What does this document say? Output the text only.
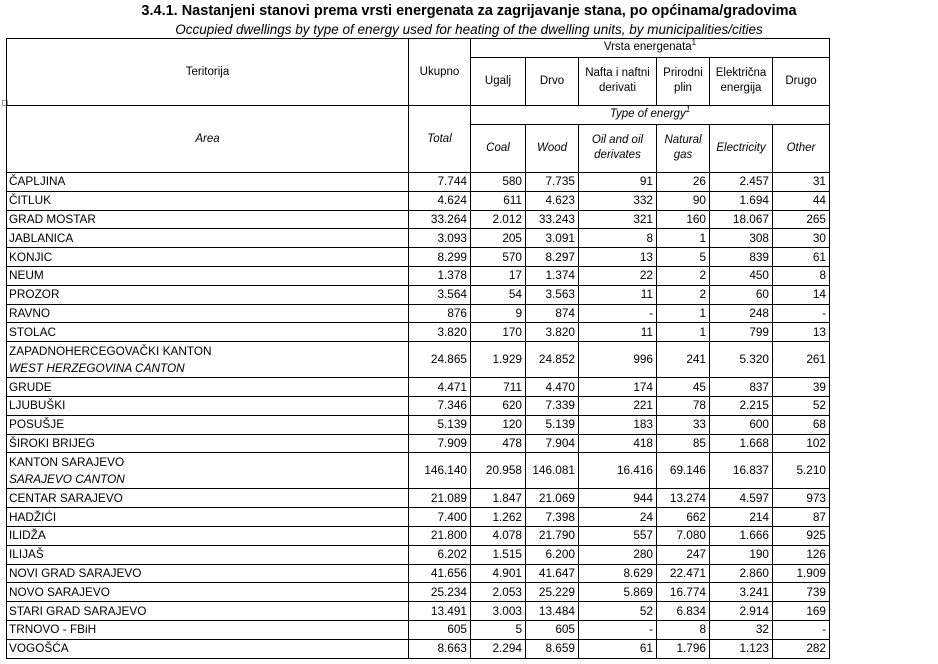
3.4.1. Nastanjeni stanovi prema vrsti energenata za zagrijavanje stana, po općinama/gradovima
Occupied dwellings by type of energy used for heating of the dwelling units, by municipalities/cities
Teritorija	Ukupno	Vrsta energenata$^1$
		Ugalj	Drvo	Nafta i naftni derivati	Prirodni plin	Električna energija	Drugo
Area	Total	Type of energy$^1$
		Coal	Wood	Oil and oil derivates	Natural gas	Electricity	Other

ČAPLJINA	7.744	580	7.735	91	26	2.457	31

ČITLUK	4.624	611	4.623	332	90	1.694	44

GRAD MOSTAR	33.264	2.012	33.243	321	160	18.067	265

JABLANICA	3.093	205	3.091	8	1	308	30

KONJIC	8.299	570	8.297	13	5	839	61

NEUM	1.378	17	1.374	22	2	450	8

PROZOR	3.564	54	3.563	11	2	60	14

RAVNO	876	9	874	-	1	248	-

STOLAC	3.820	170	3.820	11	1	799	13

ZAPADNOHERCEGOVAČKI KANTON
WEST HERZEGOVINA CANTON	24.865	1.929	24.852	996	241	5.320	261

GRUDE	4.471	711	4.470	174	45	837	39

LJUBUŠKI	7.346	620	7.339	221	78	2.215	52

POSUŠJE	5.139	120	5.139	183	33	600	68

ŠIROKI BRIJEG	7.909	478	7.904	418	85	1.668	102

KANTON SARAJEVO
SARAJEVO CANTON	146.140	20.958	146.081	16.416	69.146	16.837	5.210

CENTAR SARAJEVO	21.089	1.847	21.069	944	13.274	4.597	973

HADŽIĆI	7.400	1.262	7.398	24	662	214	87

ILIDŽA	21.800	4.078	21.790	557	7.080	1.666	925

ILIJAŠ	6.202	1.515	6.200	280	247	190	126

NOVI GRAD SARAJEVO	41.656	4.901	41.647	8.629	22.471	2.860	1.909

NOVO SARAJEVO	25.234	2.053	25.229	5.869	16.774	3.241	739

STARI GRAD SARAJEVO	13.491	3.003	13.484	52	6.834	2.914	169

TRNOVO - FBiH	605	5	605	-	8	32	-

VOGOŠĆA	8.663	2.294	8.659	61	1.796	1.123	282
